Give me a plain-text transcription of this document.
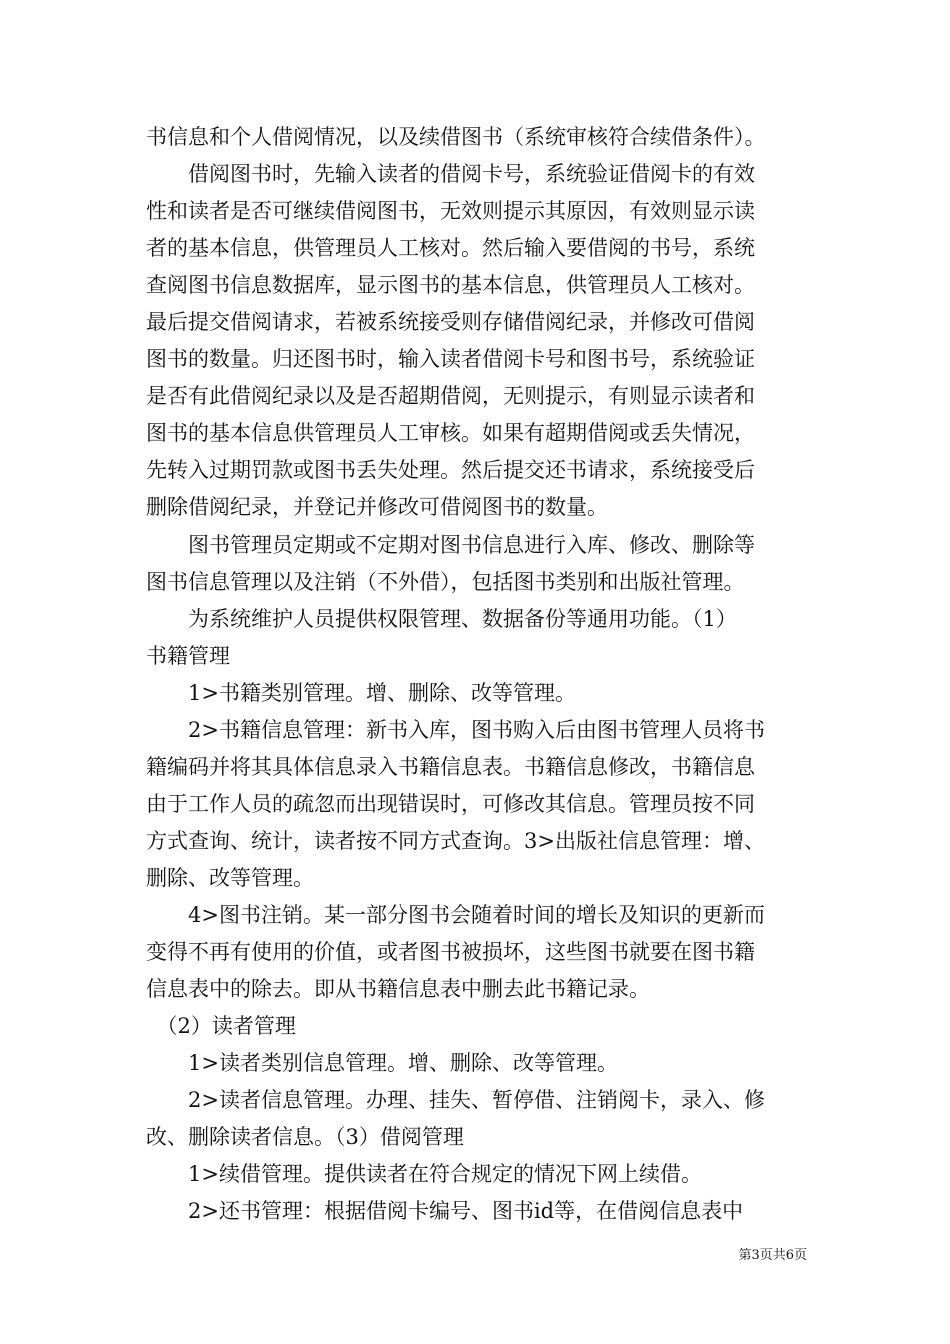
书信息和个人借阅情况，以及续借图书（系统审核符合续借条件）。
　　借阅图书时，先输入读者的借阅卡号，系统验证借阅卡的有效
性和读者是否可继续借阅图书，无效则提示其原因，有效则显示读
者的基本信息，供管理员人工核对。然后输入要借阅的书号，系统
查阅图书信息数据库，显示图书的基本信息，供管理员人工核对。
最后提交借阅请求，若被系统接受则存储借阅纪录，并修改可借阅
图书的数量。归还图书时，输入读者借阅卡号和图书号，系统验证
是否有此借阅纪录以及是否超期借阅，无则提示，有则显示读者和
图书的基本信息供管理员人工审核。如果有超期借阅或丢失情况，
先转入过期罚款或图书丢失处理。然后提交还书请求，系统接受后
删除借阅纪录，并登记并修改可借阅图书的数量。
　　图书管理员定期或不定期对图书信息进行入库、修改、删除等
图书信息管理以及注销（不外借），包括图书类别和出版社管理。
　　为系统维护人员提供权限管理、数据备份等通用功能。（1）
书籍管理
　　1>书籍类别管理。增、删除、改等管理。
　　2>书籍信息管理：新书入库，图书购入后由图书管理人员将书
籍编码并将其具体信息录入书籍信息表。书籍信息修改，书籍信息
由于工作人员的疏忽而出现错误时，可修改其信息。管理员按不同
方式查询、统计，读者按不同方式查询。3>出版社信息管理：增、
删除、改等管理。
　　4>图书注销。某一部分图书会随着时间的增长及知识的更新而
变得不再有使用的价值，或者图书被损坏，这些图书就要在图书籍
信息表中的除去。即从书籍信息表中删去此书籍记录。
　（2）读者管理
　　1>读者类别信息管理。增、删除、改等管理。
　　2>读者信息管理。办理、挂失、暂停借、注销阅卡，录入、修
改、删除读者信息。（3）借阅管理
　　1>续借管理。提供读者在符合规定的情况下网上续借。
　　2>还书管理：根据借阅卡编号、图书id等，在借阅信息表中
第3页共6页
